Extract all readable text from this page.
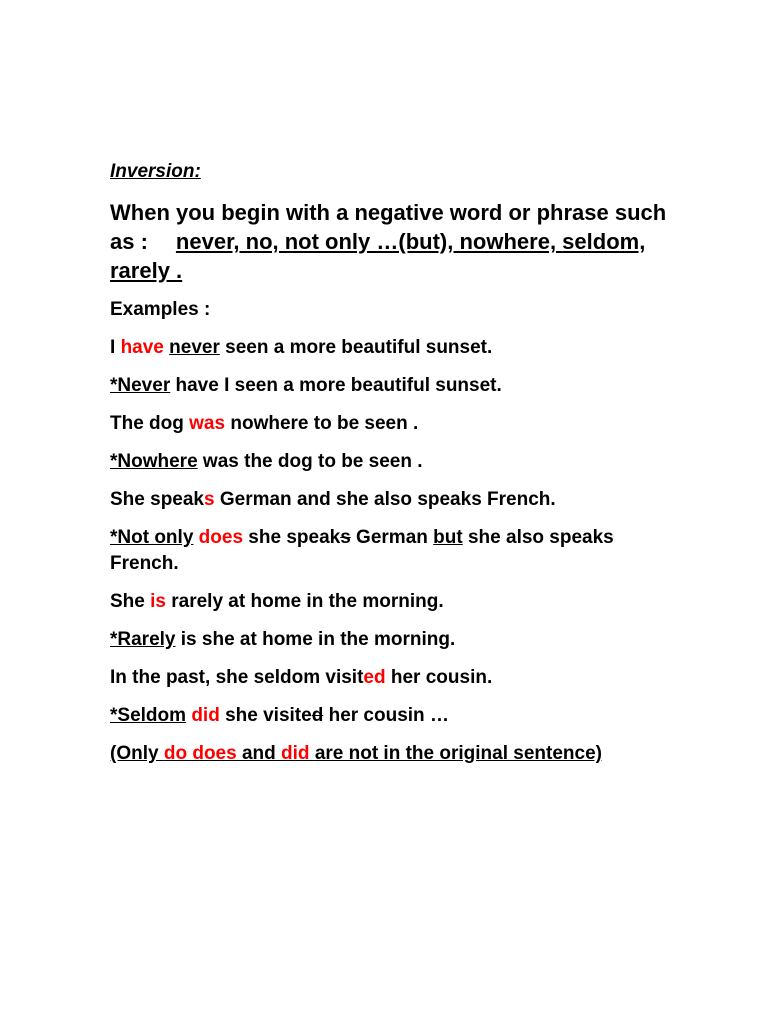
Inversion:

When you begin with a negative word or phrase such as : never, no, not only …(but), nowhere, seldom, rarely .

Examples :

I have never seen a more beautiful sunset.

*Never have I seen a more beautiful sunset.

The dog was nowhere to be seen .

*Nowhere was the dog to be seen .

She speaks German and she also speaks French.

*Not only does she speaks German but she also speaks French.

She is rarely at home in the morning.

*Rarely is she at home in the morning.

In the past, she seldom visited her cousin.

*Seldom did she visited her cousin …

(Only do does and did are not in the original sentence)
